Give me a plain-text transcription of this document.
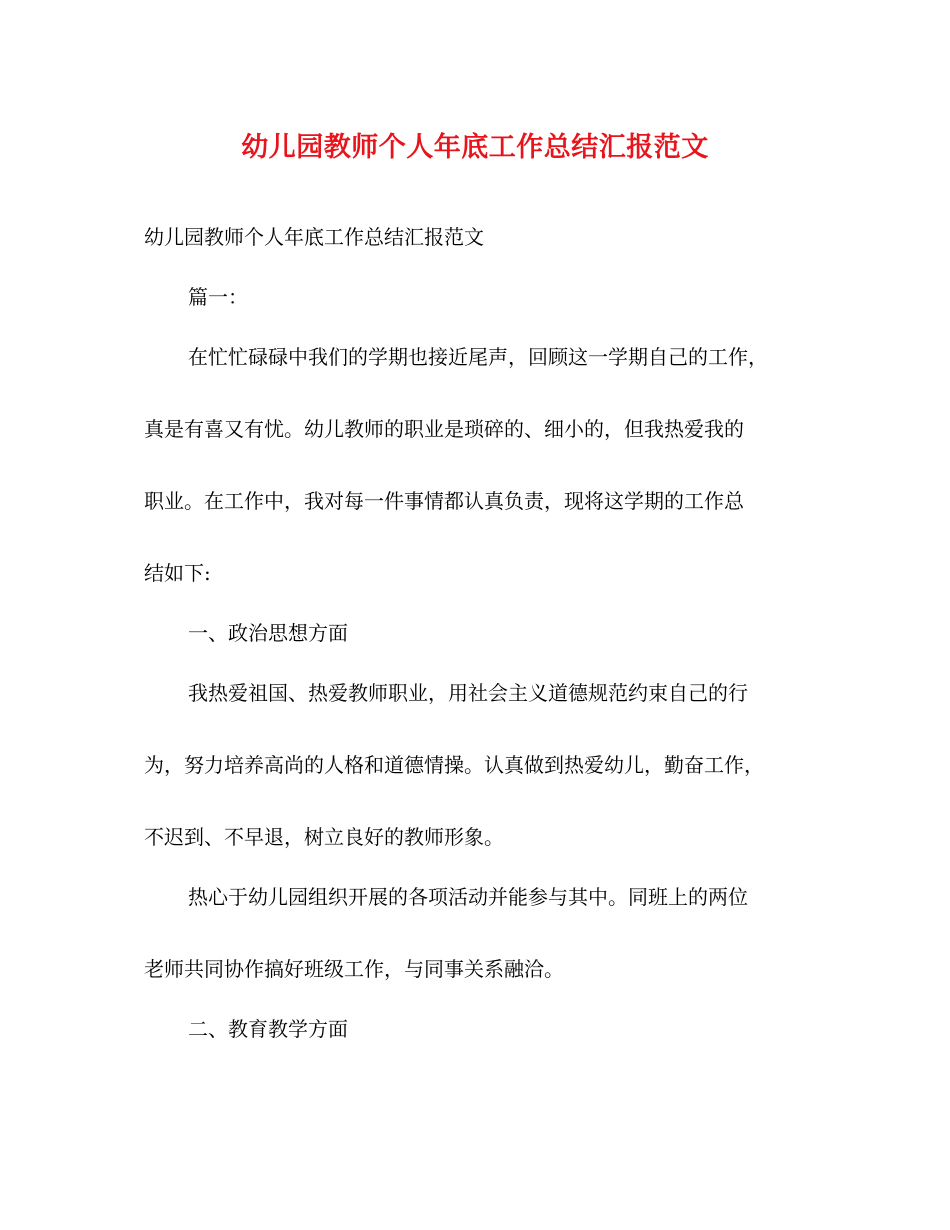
幼儿园教师个人年底工作总结汇报范文
幼儿园教师个人年底工作总结汇报范文
篇一：
在忙忙碌碌中我们的学期也接近尾声，回顾这一学期自己的工作，
真是有喜又有忧。幼儿教师的职业是琐碎的、细小的，但我热爱我的
职业。在工作中，我对每一件事情都认真负责，现将这学期的工作总
结如下:
一、政治思想方面
我热爱祖国、热爱教师职业，用社会主义道德规范约束自己的行
为，努力培养高尚的人格和道德情操。认真做到热爱幼儿，勤奋工作，
不迟到、不早退，树立良好的教师形象。
热心于幼儿园组织开展的各项活动并能参与其中。同班上的两位
老师共同协作搞好班级工作，与同事关系融洽。
二、教育教学方面
